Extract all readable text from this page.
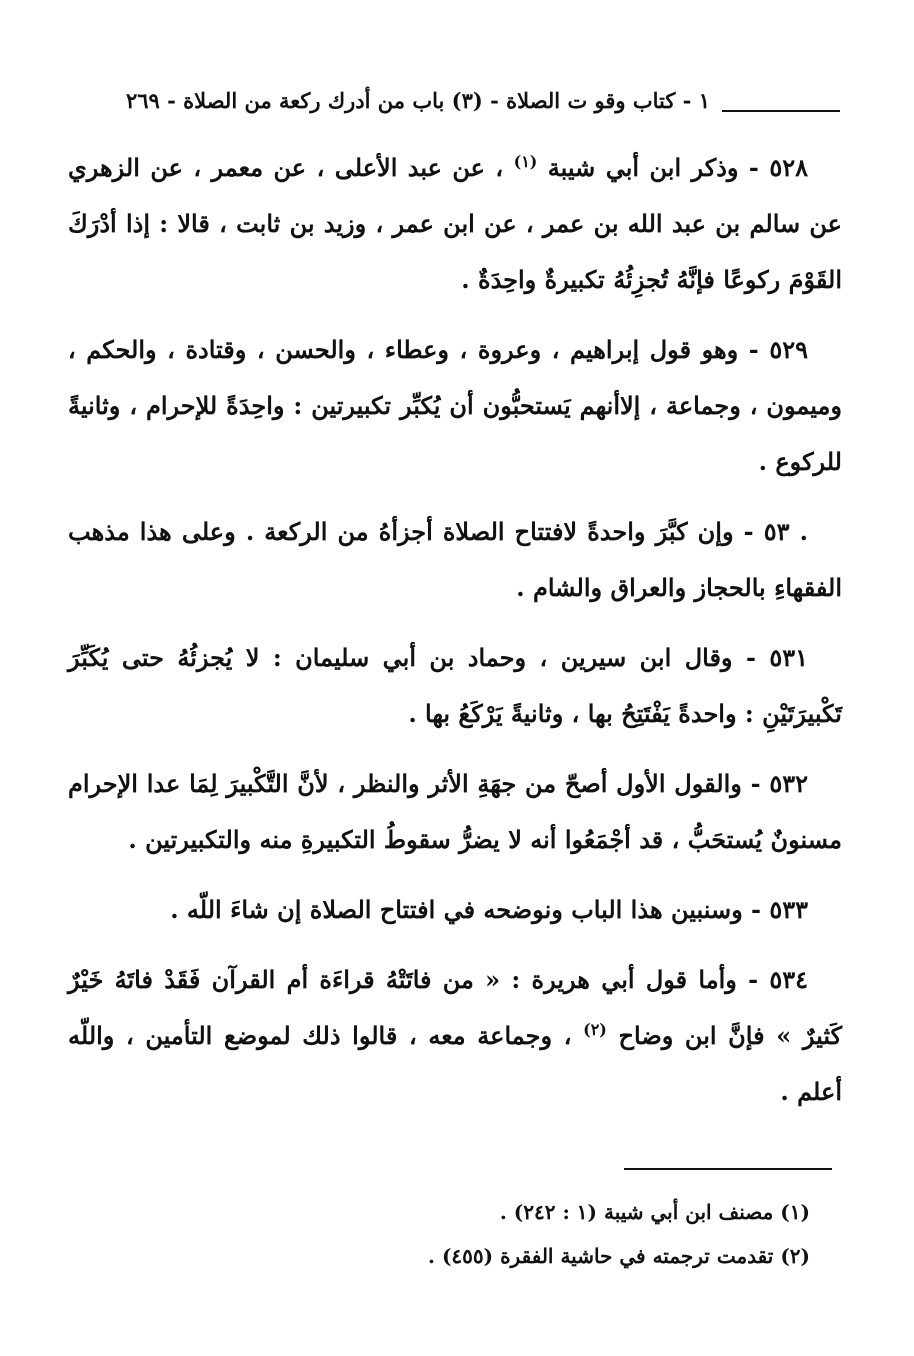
١ - كتاب وقو ت الصلاة - (٣) باب من أدرك ركعة من الصلاة - ٢٦٩

٥٢٨ - وذكر ابن أبي شيبة $^{(١)}$ ، عن عبد الأعلى ، عن معمر ، عن الزهري عن سالم بن عبد الله بن عمر ، عن ابن عمر ، وزيد بن ثابت ، قالا : إذا أدْرَكَ القَوْمَ ركوعًا فإنَّهُ تُجزِئُهُ تكبيرةٌ واحِدَةٌ .

٥٢٩ - وهو قول إبراهيم ، وعروة ، وعطاء ، والحسن ، وقتادة ، والحكم ، وميمون ، وجماعة ، إلاأنهم يَستحبُّون أن يُكبِّر تكبيرتين : واحِدَةً للإحرام ، وثانيةً للركوع .

. ٥٣ - وإن كبَّرَ واحدةً لافتتاح الصلاة أجزأهُ من الركعة . وعلى هذا مذهب الفقهاءِ بالحجاز والعراق والشام .

٥٣١ - وقال ابن سيرين ، وحماد بن أبي سليمان : لا يُجزئُهُ حتى يُكَبِّرَ تَكْبيرَتَيْنِ : واحدةً يَفْتَتِحُ بها ، وثانيةً يَرْكَعُ بها .

٥٣٢ - والقول الأول أصحّ من جهَةِ الأثر والنظر ، لأنَّ التَّكْبيرَ لِمَا عدا الإحرام مسنونٌ يُستحَبُّ ، قد أجْمَعُوا أنه لا يضرُّ سقوطُ التكبيرةِ منه والتكبيرتين .

٥٣٣ - وسنبين هذا الباب ونوضحه في افتتاح الصلاة إن شاءَ اللّه .

٥٣٤ - وأما قول أبي هريرة : « من فاتَتْهُ قراءَة أم القرآن فَقَدْ فاتَهُ خَيْرٌ كَثيرٌ » فإنَّ ابن وضاح $^{(٢)}$ ، وجماعة معه ، قالوا ذلك لموضع التأمين ، واللّه أعلم .

(١) مصنف ابن أبي شيبة (١ : ٢٤٢) .

(٢) تقدمت ترجمته في حاشية الفقرة (٤٥٥) .
